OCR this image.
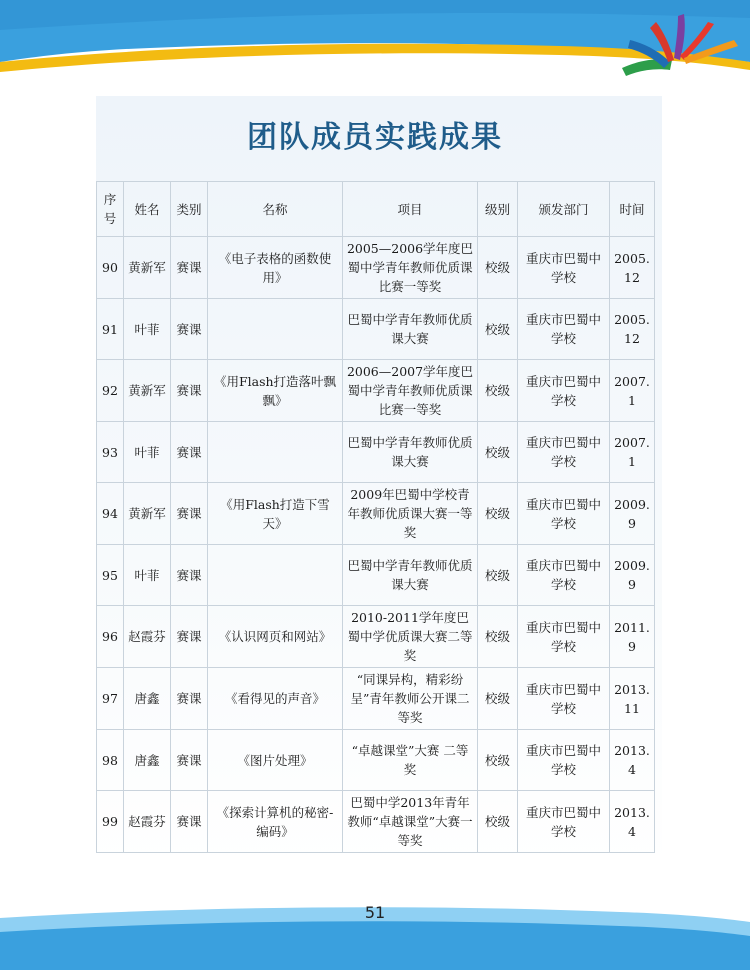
团队成员实践成果
序号	姓名	类别	名称	项目	级别	颁发部门	时间
90	黄新军	赛课	《电子表格的函数使用》	2005—2006学年度巴蜀中学青年教师优质课比赛一等奖	校级	重庆市巴蜀中学校	2005.12
91	叶菲	赛课		巴蜀中学青年教师优质课大赛	校级	重庆市巴蜀中学校	2005.12
92	黄新军	赛课	《用Flash打造落叶飘飘》	2006—2007学年度巴蜀中学青年教师优质课比赛一等奖	校级	重庆市巴蜀中学校	2007.1
93	叶菲	赛课		巴蜀中学青年教师优质课大赛	校级	重庆市巴蜀中学校	2007.1
94	黄新军	赛课	《用Flash打造下雪天》	2009年巴蜀中学校青年教师优质课大赛一等奖	校级	重庆市巴蜀中学校	2009.9
95	叶菲	赛课		巴蜀中学青年教师优质课大赛	校级	重庆市巴蜀中学校	2009.9
96	赵霞芬	赛课	《认识网页和网站》	2010-2011学年度巴蜀中学优质课大赛二等奖	校级	重庆市巴蜀中学校	2011.9
97	唐鑫	赛课	《看得见的声音》	“同课异构，精彩纷呈”青年教师公开课二等奖	校级	重庆市巴蜀中学校	2013.11
98	唐鑫	赛课	《图片处理》	“卓越课堂”大赛 二等奖	校级	重庆市巴蜀中学校	2013.4
99	赵霞芬	赛课	《探索计算机的秘密-编码》	巴蜀中学2013年青年教师“卓越课堂”大赛一等奖	校级	重庆市巴蜀中学校	2013.4
51
